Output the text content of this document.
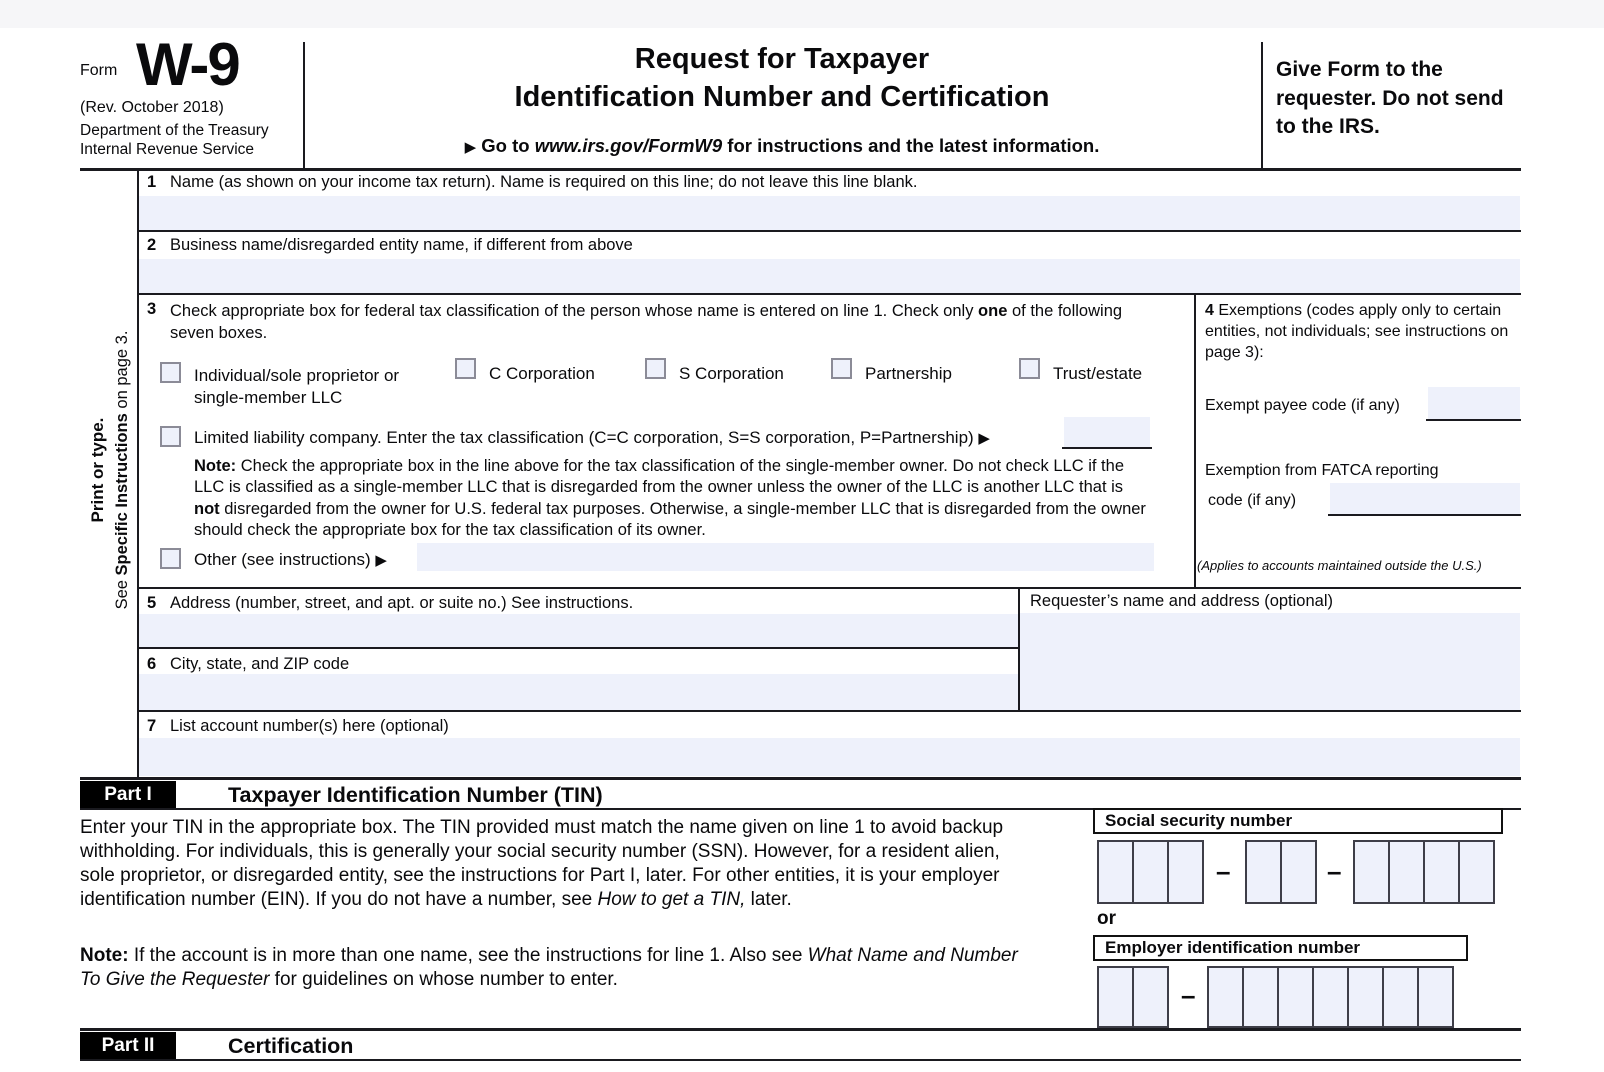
Form W-9
(Rev. October 2018)
Department of the Treasury
Internal Revenue Service
Request for Taxpayer
Identification Number and Certification
▶ Go to www.irs.gov/FormW9 for instructions and the latest information.
Give Form to the requester. Do not send to the IRS.
Print or type.
See Specific Instructions on page 3.
1 Name (as shown on your income tax return). Name is required on this line; do not leave this line blank.
2 Business name/disregarded entity name, if different from above
3 Check appropriate box for federal tax classification of the person whose name is entered on line 1. Check only one of the following seven boxes.
Individual/sole proprietor or
single-member LLC
C Corporation	S Corporation	Partnership	Trust/estate
Limited liability company. Enter the tax classification (C=C corporation, S=S corporation, P=Partnership) ▶
Note: Check the appropriate box in the line above for the tax classification of the single-member owner. Do not check LLC if the LLC is classified as a single-member LLC that is disregarded from the owner unless the owner of the LLC is another LLC that is not disregarded from the owner for U.S. federal tax purposes. Otherwise, a single-member LLC that is disregarded from the owner should check the appropriate box for the tax classification of its owner.
Other (see instructions) ▶
4 Exemptions (codes apply only to certain entities, not individuals; see instructions on page 3):
Exempt payee code (if any)
Exemption from FATCA reporting
code (if any)
(Applies to accounts maintained outside the U.S.)
5 Address (number, street, and apt. or suite no.) See instructions.	Requester’s name and address (optional)
6 City, state, and ZIP code
7 List account number(s) here (optional)
Part I	Taxpayer Identification Number (TIN)
Enter your TIN in the appropriate box. The TIN provided must match the name given on line 1 to avoid backup withholding. For individuals, this is generally your social security number (SSN). However, for a resident alien, sole proprietor, or disregarded entity, see the instructions for Part I, later. For other entities, it is your employer identification number (EIN). If you do not have a number, see How to get a TIN, later.
Note: If the account is in more than one name, see the instructions for line 1. Also see What Name and Number To Give the Requester for guidelines on whose number to enter.
Social security number
–	–
or
Employer identification number
–
Part II	Certification
